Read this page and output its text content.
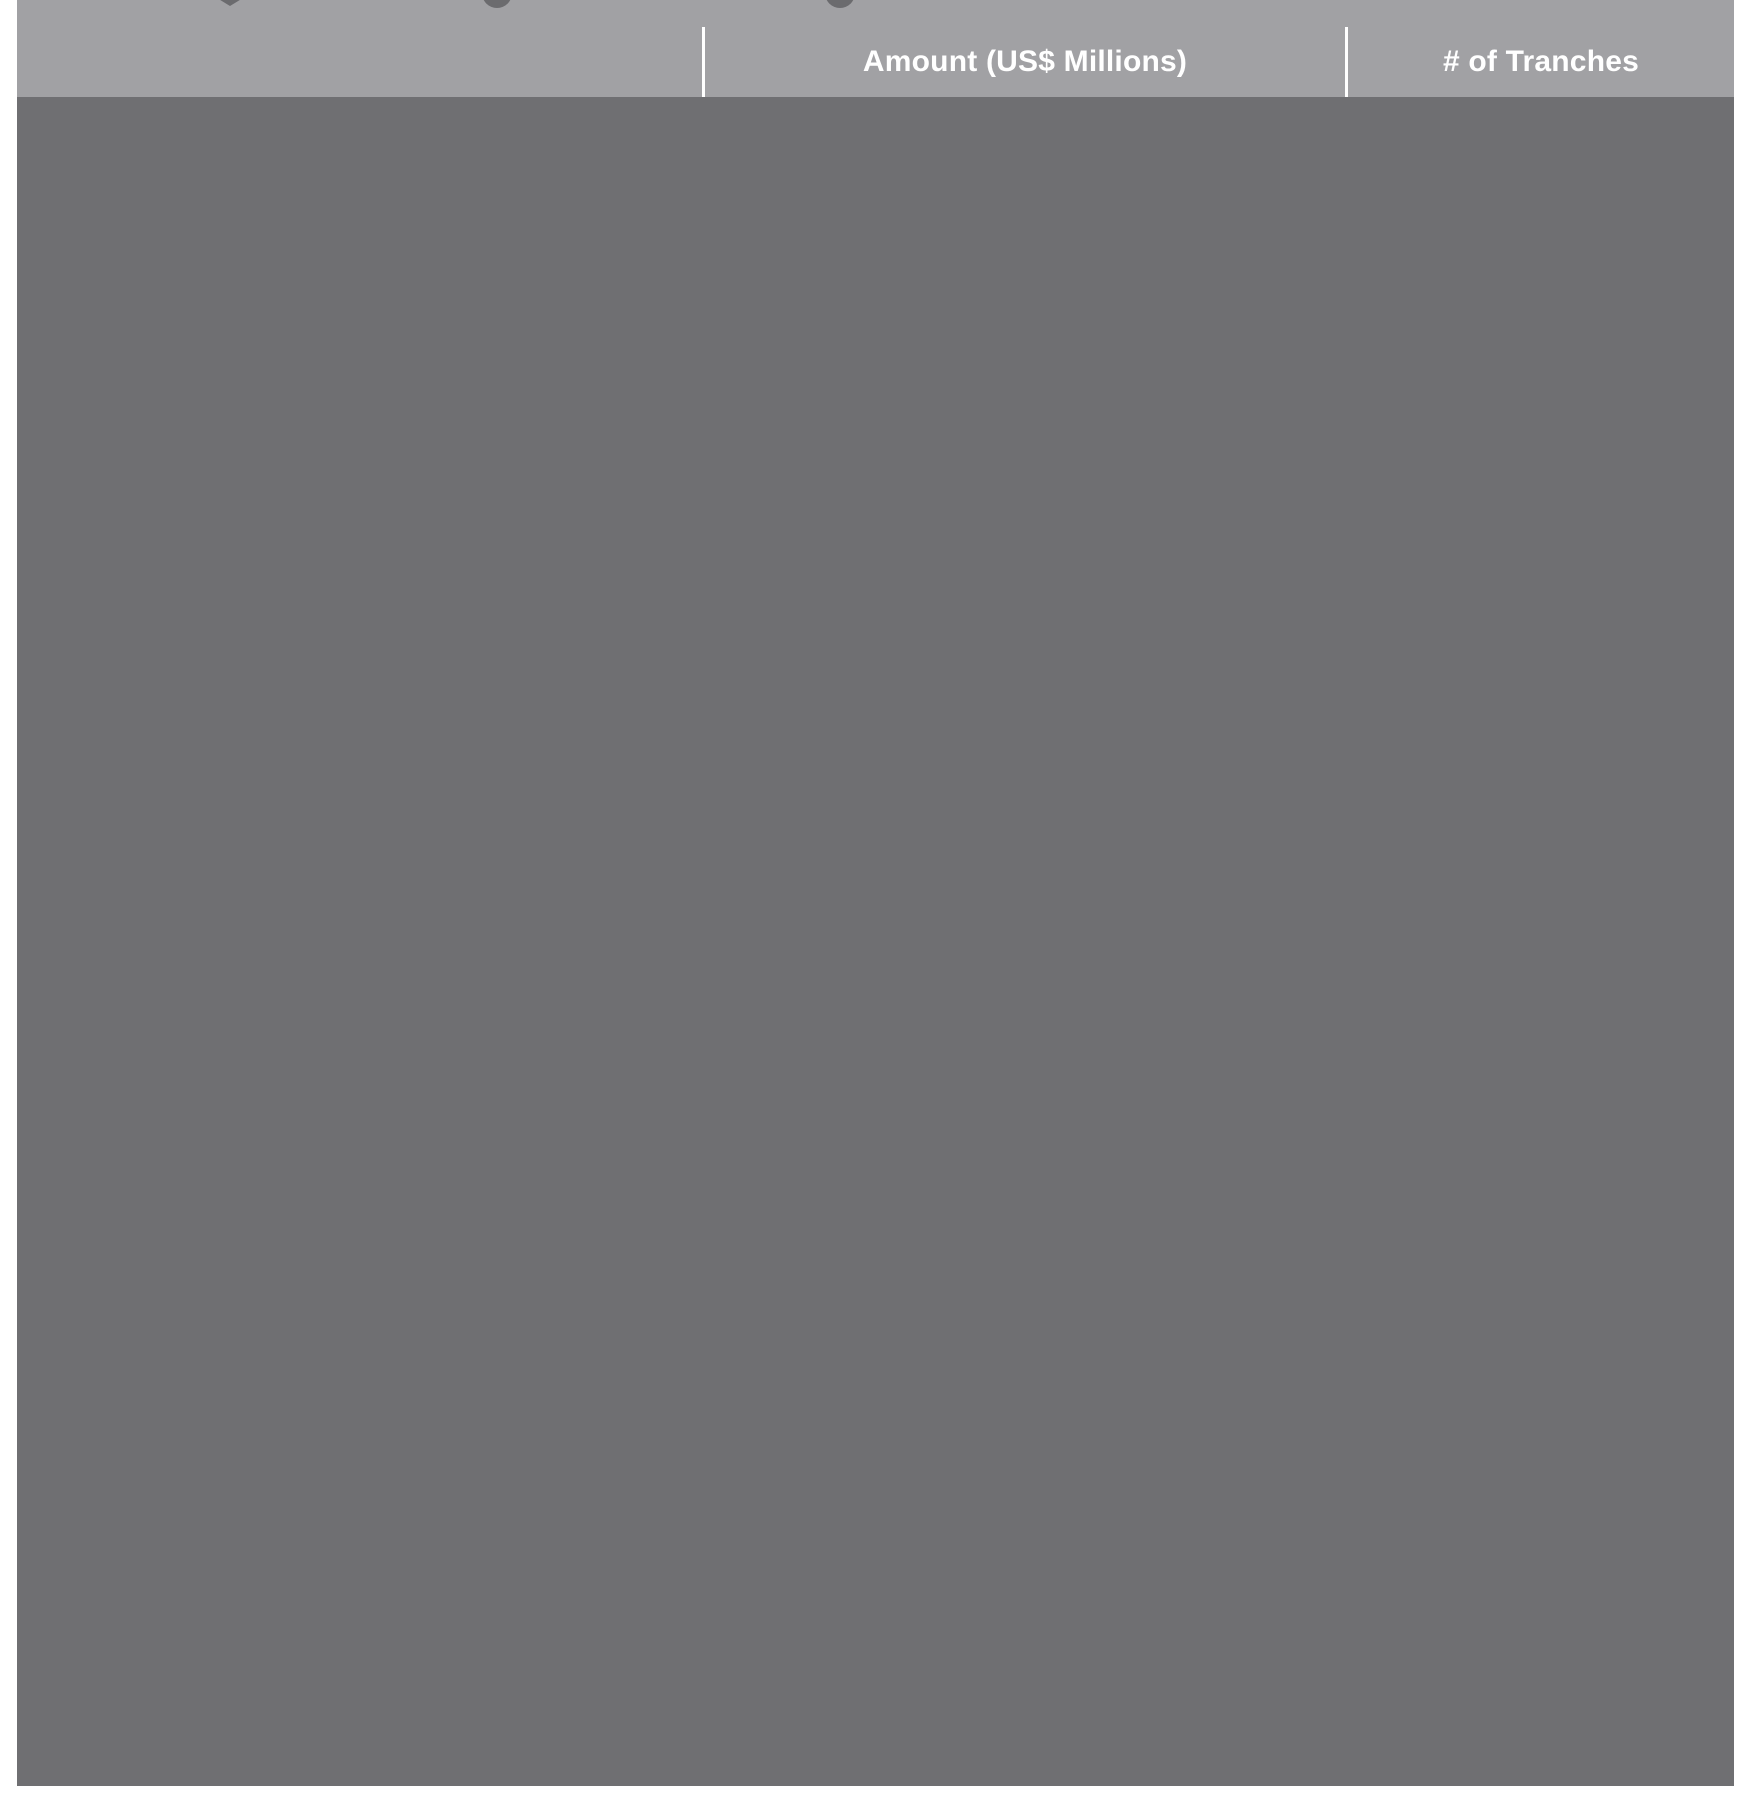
Amount (US$ Millions)	# of Tranches
